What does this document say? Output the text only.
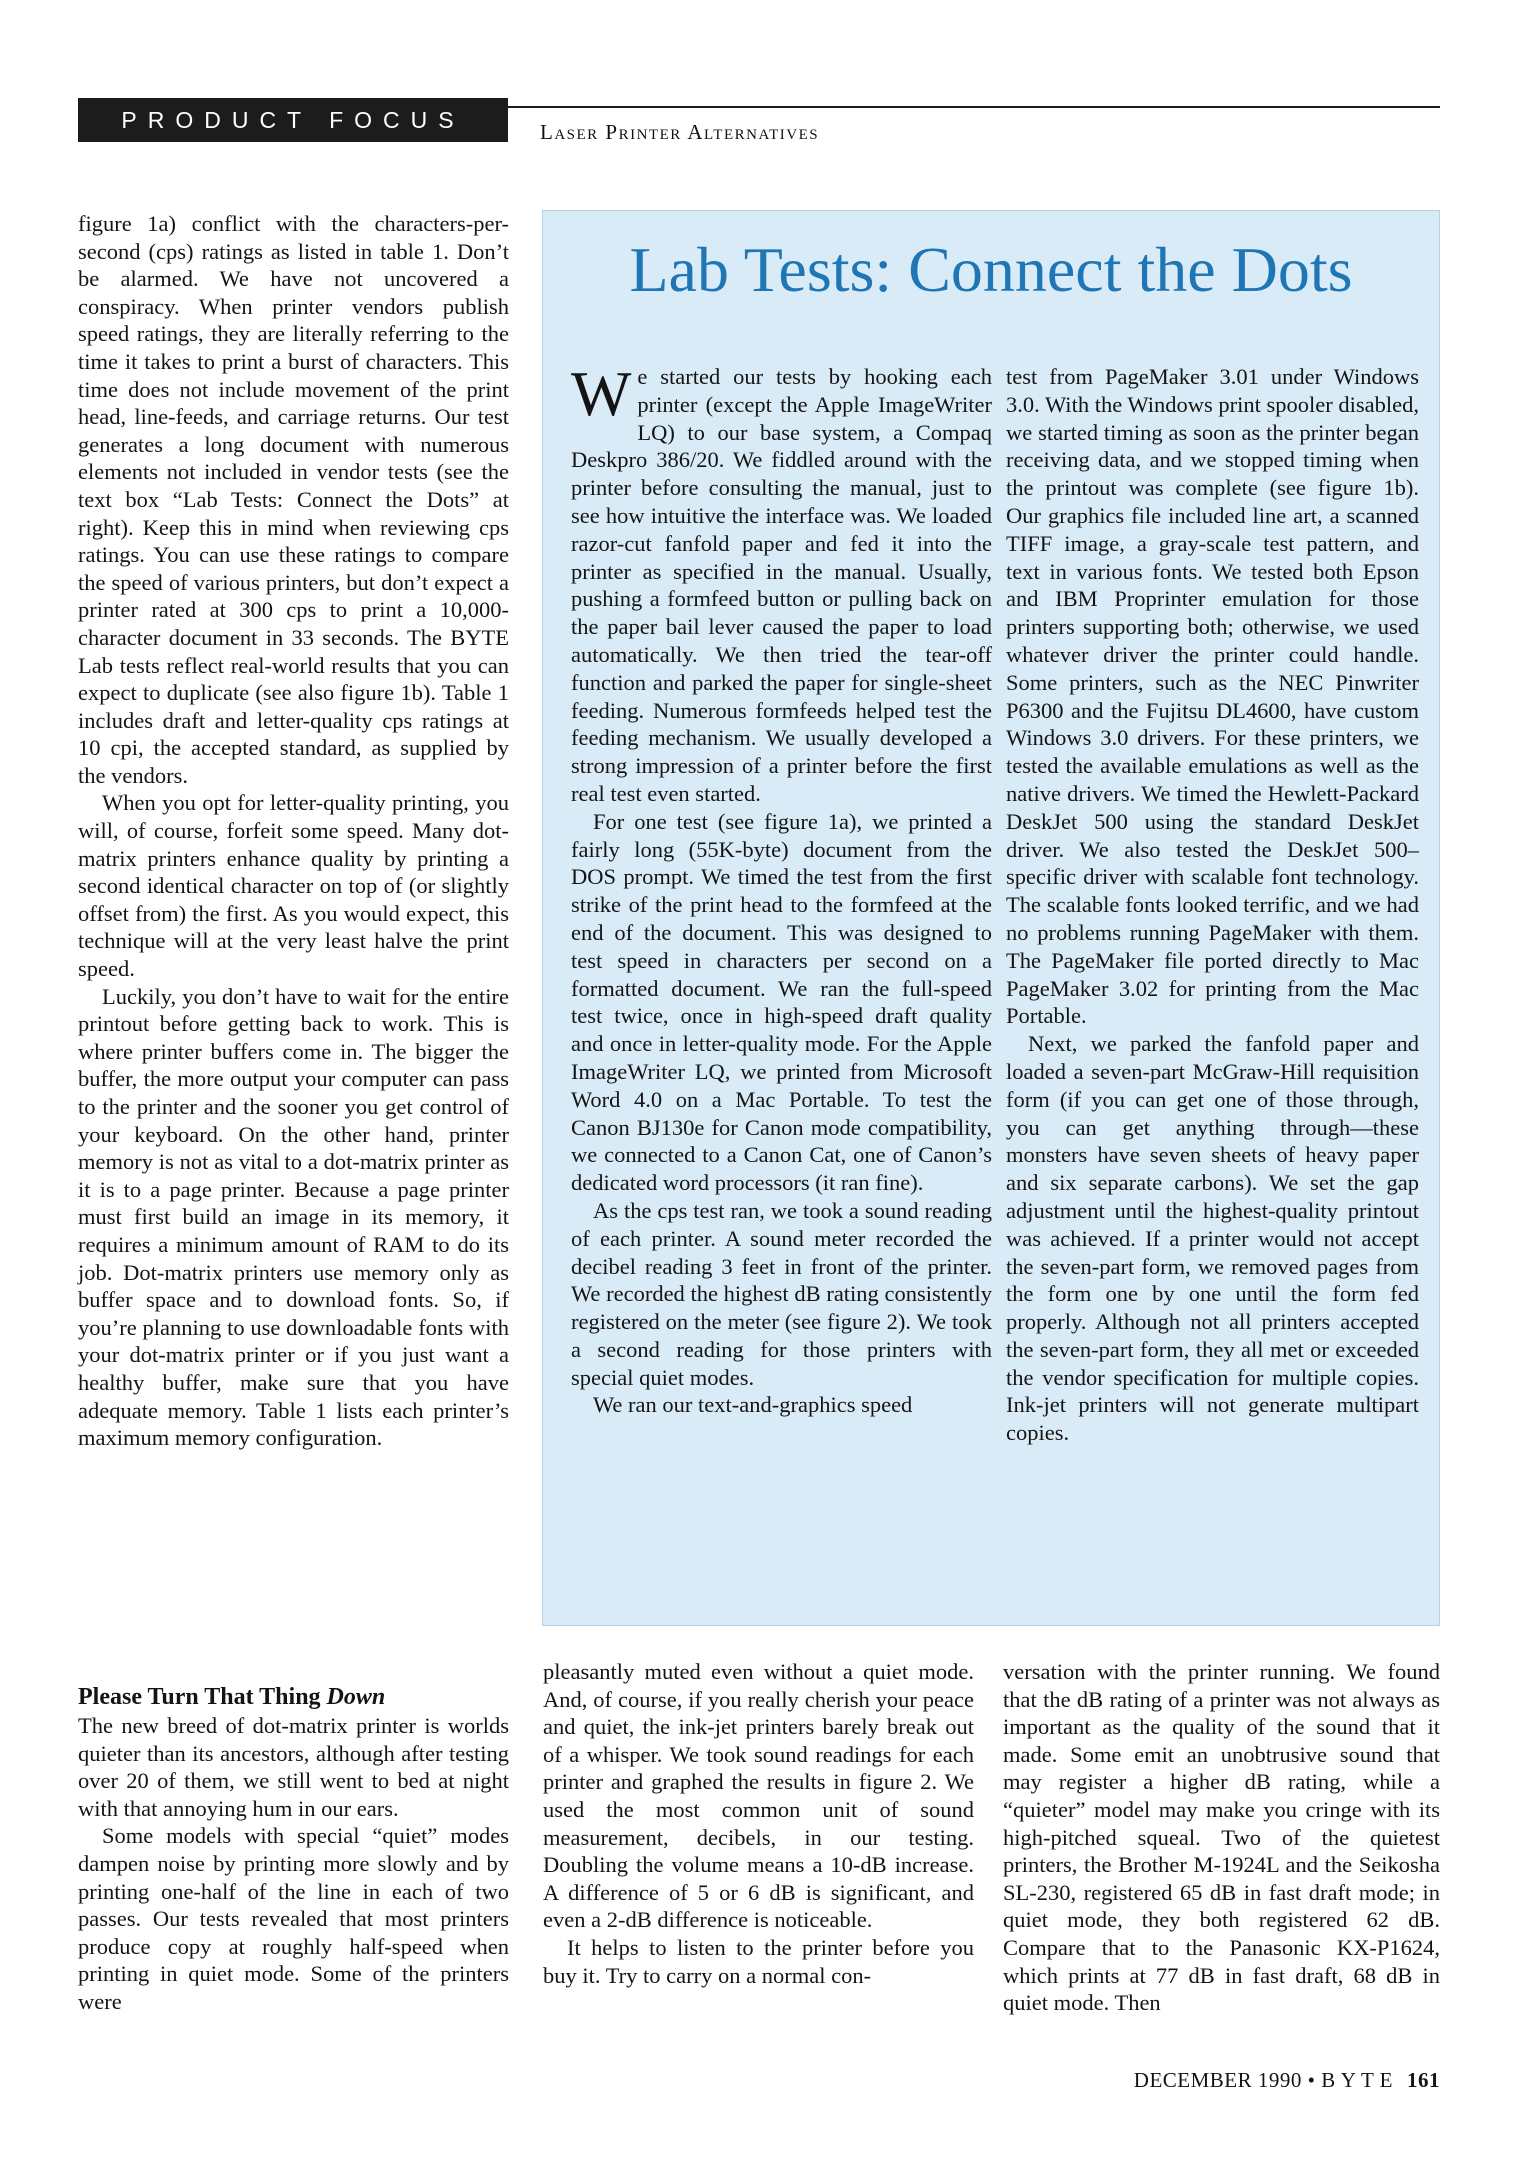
PRODUCT FOCUS	Laser Printer Alternatives

figure 1a) conflict with the characters-per-second (cps) ratings as listed in table 1. Don’t be alarmed. We have not uncovered a conspiracy. When printer vendors publish speed ratings, they are literally referring to the time it takes to print a burst of characters. This time does not include movement of the print head, line-feeds, and carriage returns. Our test generates a long document with numerous elements not included in vendor tests (see the text box “Lab Tests: Connect the Dots” at right). Keep this in mind when reviewing cps ratings. You can use these ratings to compare the speed of various printers, but don’t expect a printer rated at 300 cps to print a 10,000-character document in 33 seconds. The BYTE Lab tests reflect real-world results that you can expect to duplicate (see also figure 1b). Table 1 includes draft and letter-quality cps ratings at 10 cpi, the accepted standard, as supplied by the vendors.

When you opt for letter-quality printing, you will, of course, forfeit some speed. Many dot-matrix printers enhance quality by printing a second identical character on top of (or slightly offset from) the first. As you would expect, this technique will at the very least halve the print speed.

Luckily, you don’t have to wait for the entire printout before getting back to work. This is where printer buffers come in. The bigger the buffer, the more output your computer can pass to the printer and the sooner you get control of your keyboard. On the other hand, printer memory is not as vital to a dot-matrix printer as it is to a page printer. Because a page printer must first build an image in its memory, it requires a minimum amount of RAM to do its job. Dot-matrix printers use memory only as buffer space and to download fonts. So, if you’re planning to use downloadable fonts with your dot-matrix printer or if you just want a healthy buffer, make sure that you have adequate memory. Table 1 lists each printer’s maximum memory configuration.

Lab Tests: Connect the Dots

We started our tests by hooking each printer (except the Apple ImageWriter LQ) to our base system, a Compaq Deskpro 386/20. We fiddled around with the printer before consulting the manual, just to see how intuitive the interface was. We loaded razor-cut fanfold paper and fed it into the printer as specified in the manual. Usually, pushing a formfeed button or pulling back on the paper bail lever caused the paper to load automatically. We then tried the tear-off function and parked the paper for single-sheet feeding. Numerous formfeeds helped test the feeding mechanism. We usually developed a strong impression of a printer before the first real test even started.

For one test (see figure 1a), we printed a fairly long (55K-byte) document from the DOS prompt. We timed the test from the first strike of the print head to the formfeed at the end of the document. This was designed to test speed in characters per second on a formatted document. We ran the full-speed test twice, once in high-speed draft quality and once in letter-quality mode. For the Apple ImageWriter LQ, we printed from Microsoft Word 4.0 on a Mac Portable. To test the Canon BJ130e for Canon mode compatibility, we connected to a Canon Cat, one of Canon’s dedicated word processors (it ran fine).

As the cps test ran, we took a sound reading of each printer. A sound meter recorded the decibel reading 3 feet in front of the printer. We recorded the highest dB rating consistently registered on the meter (see figure 2). We took a second reading for those printers with special quiet modes.

We ran our text-and-graphics speed

test from PageMaker 3.01 under Windows 3.0. With the Windows print spooler disabled, we started timing as soon as the printer began receiving data, and we stopped timing when the printout was complete (see figure 1b). Our graphics file included line art, a scanned TIFF image, a gray-scale test pattern, and text in various fonts. We tested both Epson and IBM Proprinter emulation for those printers supporting both; otherwise, we used whatever driver the printer could handle. Some printers, such as the NEC Pinwriter P6300 and the Fujitsu DL4600, have custom Windows 3.0 drivers. For these printers, we tested the available emulations as well as the native drivers. We timed the Hewlett-Packard DeskJet 500 using the standard DeskJet driver. We also tested the DeskJet 500–specific driver with scalable font technology. The scalable fonts looked terrific, and we had no problems running PageMaker with them. The PageMaker file ported directly to Mac PageMaker 3.02 for printing from the Mac Portable.

Next, we parked the fanfold paper and loaded a seven-part McGraw-Hill requisition form (if you can get one of those through, you can get anything through—these monsters have seven sheets of heavy paper and six separate carbons). We set the gap adjustment until the highest-quality printout was achieved. If a printer would not accept the seven-part form, we removed pages from the form one by one until the form fed properly. Although not all printers accepted the seven-part form, they all met or exceeded the vendor specification for multiple copies. Ink-jet printers will not generate multipart copies.

Please Turn That Thing Down

The new breed of dot-matrix printer is worlds quieter than its ancestors, although after testing over 20 of them, we still went to bed at night with that annoying hum in our ears.

Some models with special “quiet” modes dampen noise by printing more slowly and by printing one-half of the line in each of two passes. Our tests revealed that most printers produce copy at roughly half-speed when printing in quiet mode. Some of the printers were

pleasantly muted even without a quiet mode. And, of course, if you really cherish your peace and quiet, the ink-jet printers barely break out of a whisper. We took sound readings for each printer and graphed the results in figure 2. We used the most common unit of sound measurement, decibels, in our testing. Doubling the volume means a 10-dB increase. A difference of 5 or 6 dB is significant, and even a 2-dB difference is noticeable.

It helps to listen to the printer before you buy it. Try to carry on a normal con-

versation with the printer running. We found that the dB rating of a printer was not always as important as the quality of the sound that it made. Some emit an unobtrusive sound that may register a higher dB rating, while a “quieter” model may make you cringe with its high-pitched squeal. Two of the quietest printers, the Brother M-1924L and the Seikosha SL-230, registered 65 dB in fast draft mode; in quiet mode, they both registered 62 dB. Compare that to the Panasonic KX-P1624, which prints at 77 dB in fast draft, 68 dB in quiet mode. Then

DECEMBER 1990 • B Y T E 161
